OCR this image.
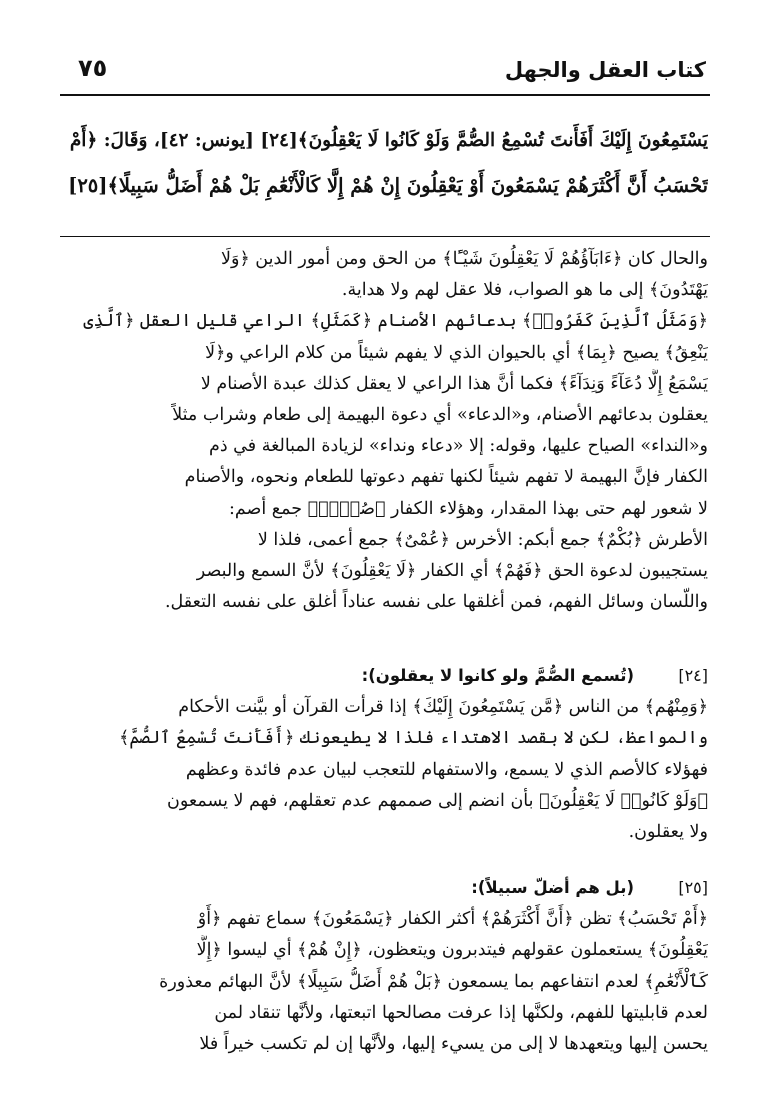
٧٥	كتاب العقل والجهل
يَسْتَمِعُونَ إِلَيْكَ أَفَأَنتَ تُسْمِعُ الصُّمَّ وَلَوْ كَانُوا لَا يَعْقِلُونَ﴾[٢٤] [يونس: ٤٢]، وَقَالَ: ﴿أَمْ
تَحْسَبُ أَنَّ أَكْثَرَهُمْ يَسْمَعُونَ أَوْ يَعْقِلُونَ إِنْ هُمْ إِلَّا كَالْأَنْعَٰمِ بَلْ هُمْ أَضَلُّ سَبِيلًا﴾[٢٥]
والحال كان ﴿ءَابَآؤُهُمْ لَا يَعْقِلُونَ شَيْـًٔا﴾ من الحق ومن أمور الدين ﴿وَلَا
يَهْتَدُونَ﴾ إلى ما هو الصواب، فلا عقل لهم ولا هداية.
﴿وَمَثَلُ ٱلَّذِينَ كَفَرُوا۟﴾ بدعائهم الأصنام ﴿كَمَثَلِ﴾ الراعي قليل العقل ﴿ٱلَّذِى
يَنْعِقُ﴾ يصيح ﴿بِمَا﴾ أي بالحيوان الذي لا يفهم شيئاً من كلام الراعي و﴿لَا
يَسْمَعُ إِلَّا دُعَآءً وَنِدَآءً﴾ فكما أنَّ هذا الراعي لا يعقل كذلك عبدة الأصنام لا
يعقلون بدعائهم الأصنام، و«الدعاء» أي دعوة البهيمة إلى طعام وشراب مثلاً
و«النداء» الصياح عليها، وقوله: إلا «دعاء ونداء» لزيادة المبالغة في ذم
الكفار فإنَّ البهيمة لا تفهم شيئاً لكنها تفهم دعوتها للطعام ونحوه، والأصنام
لا شعور لهم حتى بهذا المقدار، وهؤلاء الكفار ﴿صُمٌّۢ﴾ جمع أصم:
الأطرش ﴿بُكْمٌ﴾ جمع أبكم: الأخرس ﴿عُمْىٌ﴾ جمع أعمى، فلذا لا
يستجيبون لدعوة الحق ﴿فَهُمْ﴾ أي الكفار ﴿لَا يَعْقِلُونَ﴾ لأنَّ السمع والبصر
واللّسان وسائل الفهم، فمن أغلقها على نفسه عناداً أغلق على نفسه التعقل.
[٢٤]
(تُسمع الصُّمَّ ولو كانوا لا يعقلون):
﴿وَمِنْهُم﴾ من الناس ﴿مَّن يَسْتَمِعُونَ إِلَيْكَ﴾ إذا قرأت القرآن أو بيَّنت الأحكام
والمواعظ، لكن لا بقصد الاهتداء فلذا لا يطيعونك ﴿أَفَأَنتَ تُسْمِعُ ٱلصُّمَّ﴾
فهؤلاء كالأصم الذي لا يسمع، والاستفهام للتعجب لبيان عدم فائدة وعظهم
﴿وَلَوْ كَانُوا۟ لَا يَعْقِلُونَ﴾ بأن انضم إلى صممهم عدم تعقلهم، فهم لا يسمعون
ولا يعقلون.
[٢٥]
(بل هم أضلّ سبيلاً):
﴿أَمْ تَحْسَبُ﴾ تظن ﴿أَنَّ أَكْثَرَهُمْ﴾ أكثر الكفار ﴿يَسْمَعُونَ﴾ سماع تفهم ﴿أَوْ
يَعْقِلُونَ﴾ يستعملون عقولهم فيتدبرون ويتعظون، ﴿إِنْ هُمْ﴾ أي ليسوا ﴿إِلَّا
كَٱلْأَنْعَٰمِ﴾ لعدم انتفاعهم بما يسمعون ﴿بَلْ هُمْ أَضَلُّ سَبِيلًا﴾ لأنَّ البهائم معذورة
لعدم قابليتها للفهم، ولكنَّها إذا عرفت مصالحها اتبعتها، ولأنَّها تنقاد لمن
يحسن إليها ويتعهدها لا إلى من يسيء إليها، ولأنَّها إن لم تكسب خيراً فلا
